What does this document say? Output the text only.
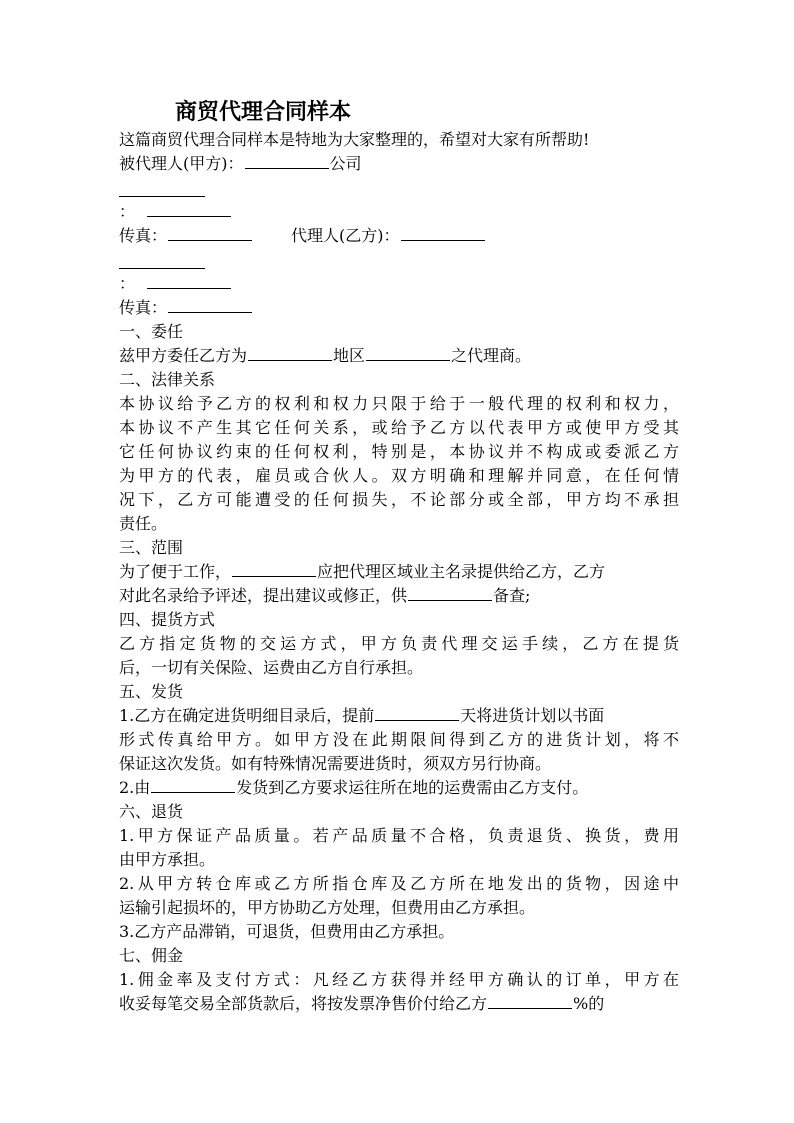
商贸代理合同样本
这篇商贸代理合同样本是特地为大家整理的，希望对大家有所帮助!
被代理人(甲方)：	公司
：
传真：	代理人(乙方)：
：
传真：
一、委任
兹甲方委任乙方为	地区	之代理商。
二、法律关系
本协议给予乙方的权利和权力只限于给于一般代理的权利和权力，
本协议不产生其它任何关系，或给予乙方以代表甲方或使甲方受其
它任何协议约束的任何权利，特别是，本协议并不构成或委派乙方
为甲方的代表，雇员或合伙人。双方明确和理解并同意，在任何情
况下，乙方可能遭受的任何损失，不论部分或全部，甲方均不承担
责任。
三、范围
为了便于工作，	应把代理区域业主名录提供给乙方，乙方
对此名录给予评述，提出建议或修正，供	备查;
四、提货方式
乙方指定货物的交运方式，甲方负责代理交运手续，乙方在提货
后，一切有关保险、运费由乙方自行承担。
五、发货
1.乙方在确定进货明细目录后，提前	天将进货计划以书面
形式传真给甲方。如甲方没在此期限间得到乙方的进货计划，将不
保证这次发货。如有特殊情况需要进货时，须双方另行协商。
2.由	发货到乙方要求运往所在地的运费需由乙方支付。
六、退货
1.甲方保证产品质量。若产品质量不合格，负责退货、换货，费用
由甲方承担。
2.从甲方转仓库或乙方所指仓库及乙方所在地发出的货物，因途中
运输引起损坏的，甲方协助乙方处理，但费用由乙方承担。
3.乙方产品滞销，可退货，但费用由乙方承担。
七、佣金
1.佣金率及支付方式：凡经乙方获得并经甲方确认的订单，甲方在
收妥每笔交易全部货款后，将按发票净售价付给乙方	%的
